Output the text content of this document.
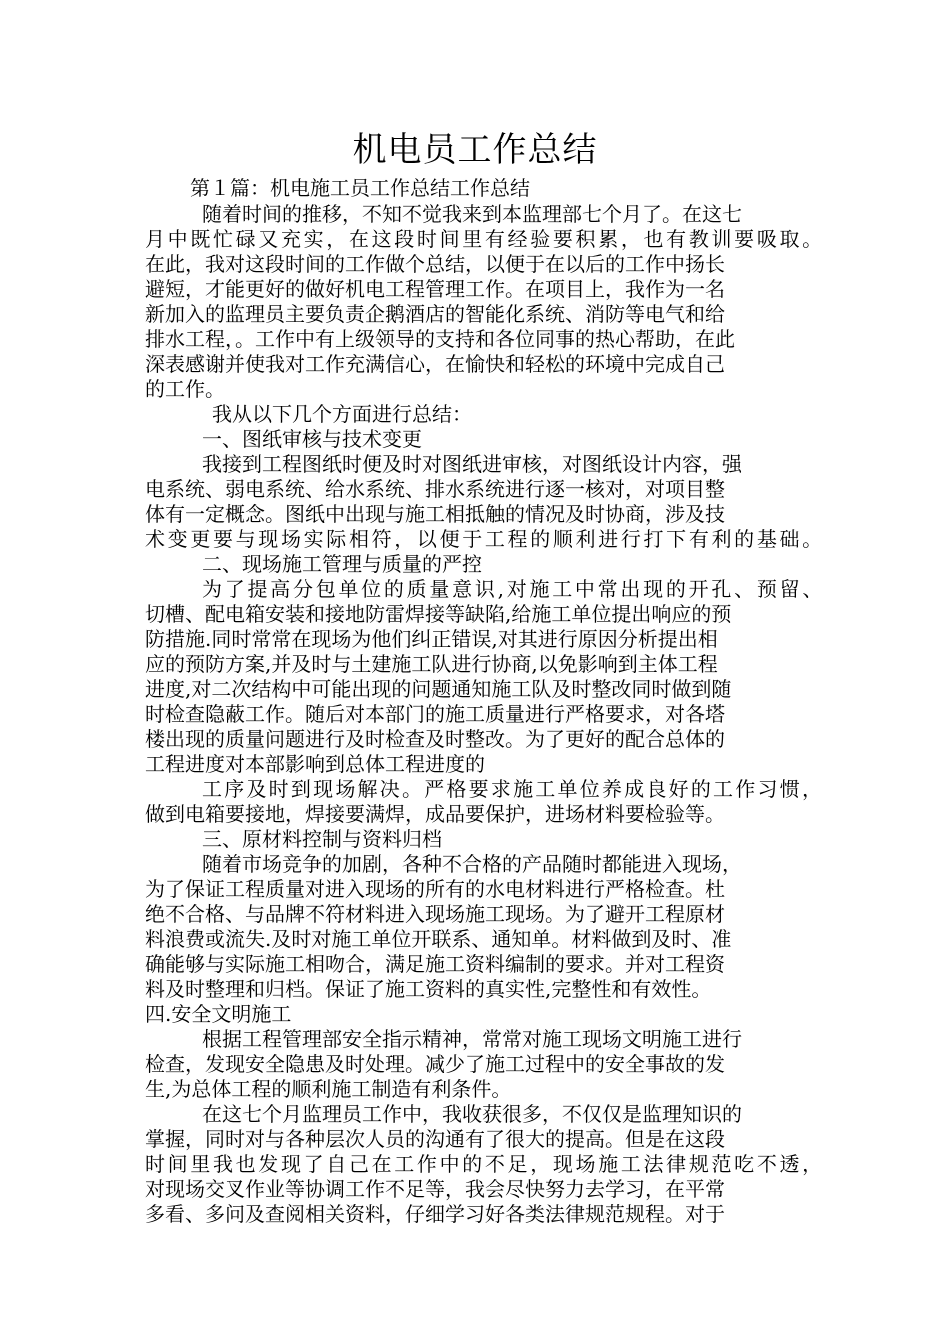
机电员工作总结
第１篇：机电施工员工作总结工作总结
随着时间的推移，不知不觉我来到本监理部七个月了。在这七
月中既忙碌又充实，在这段时间里有经验要积累，也有教训要吸取。
在此，我对这段时间的工作做个总结，以便于在以后的工作中扬长
避短，才能更好的做好机电工程管理工作。在项目上，我作为一名
新加入的监理员主要负责企鹅酒店的智能化系统、消防等电气和给
排水工程，。工作中有上级领导的支持和各位同事的热心帮助，在此
深表感谢并使我对工作充满信心，在愉快和轻松的环境中完成自己
的工作。
我从以下几个方面进行总结：
一、图纸审核与技术变更
我接到工程图纸时便及时对图纸进审核，对图纸设计内容，强
电系统、弱电系统、给水系统、排水系统进行逐一核对，对项目整
体有一定概念。图纸中出现与施工相抵触的情况及时协商，涉及技
术变更要与现场实际相符，以便于工程的顺利进行打下有利的基础。
二、现场施工管理与质量的严控
为了提高分包单位的质量意识,对施工中常出现的开孔、预留、
切槽、配电箱安装和接地防雷焊接等缺陷,给施工单位提出响应的预
防措施.同时常常在现场为他们纠正错误,对其进行原因分析提出相
应的预防方案,并及时与土建施工队进行协商,以免影响到主体工程
进度,对二次结构中可能出现的问题通知施工队及时整改同时做到随
时检查隐蔽工作。随后对本部门的施工质量进行严格要求，对各塔
楼出现的质量问题进行及时检查及时整改。为了更好的配合总体的
工程进度对本部影响到总体工程进度的
工序及时到现场解决。严格要求施工单位养成良好的工作习惯，
做到电箱要接地，焊接要满焊，成品要保护，进场材料要检验等。
三、原材料控制与资料归档
随着市场竞争的加剧，各种不合格的产品随时都能进入现场，
为了保证工程质量对进入现场的所有的水电材料进行严格检查。杜
绝不合格、与品牌不符材料进入现场施工现场。为了避开工程原材
料浪费或流失.及时对施工单位开联系、通知单。材料做到及时、准
确能够与实际施工相吻合，满足施工资料编制的要求。并对工程资
料及时整理和归档。保证了施工资料的真实性,完整性和有效性。
四.安全文明施工
根据工程管理部安全指示精神，常常对施工现场文明施工进行
检查，发现安全隐患及时处理。减少了施工过程中的安全事故的发
生,为总体工程的顺利施工制造有利条件。
在这七个月监理员工作中，我收获很多，不仅仅是监理知识的
掌握，同时对与各种层次人员的沟通有了很大的提高。但是在这段
时间里我也发现了自己在工作中的不足，现场施工法律规范吃不透，
对现场交叉作业等协调工作不足等，我会尽快努力去学习，在平常
多看、多问及查阅相关资料，仔细学习好各类法律规范规程。对于
